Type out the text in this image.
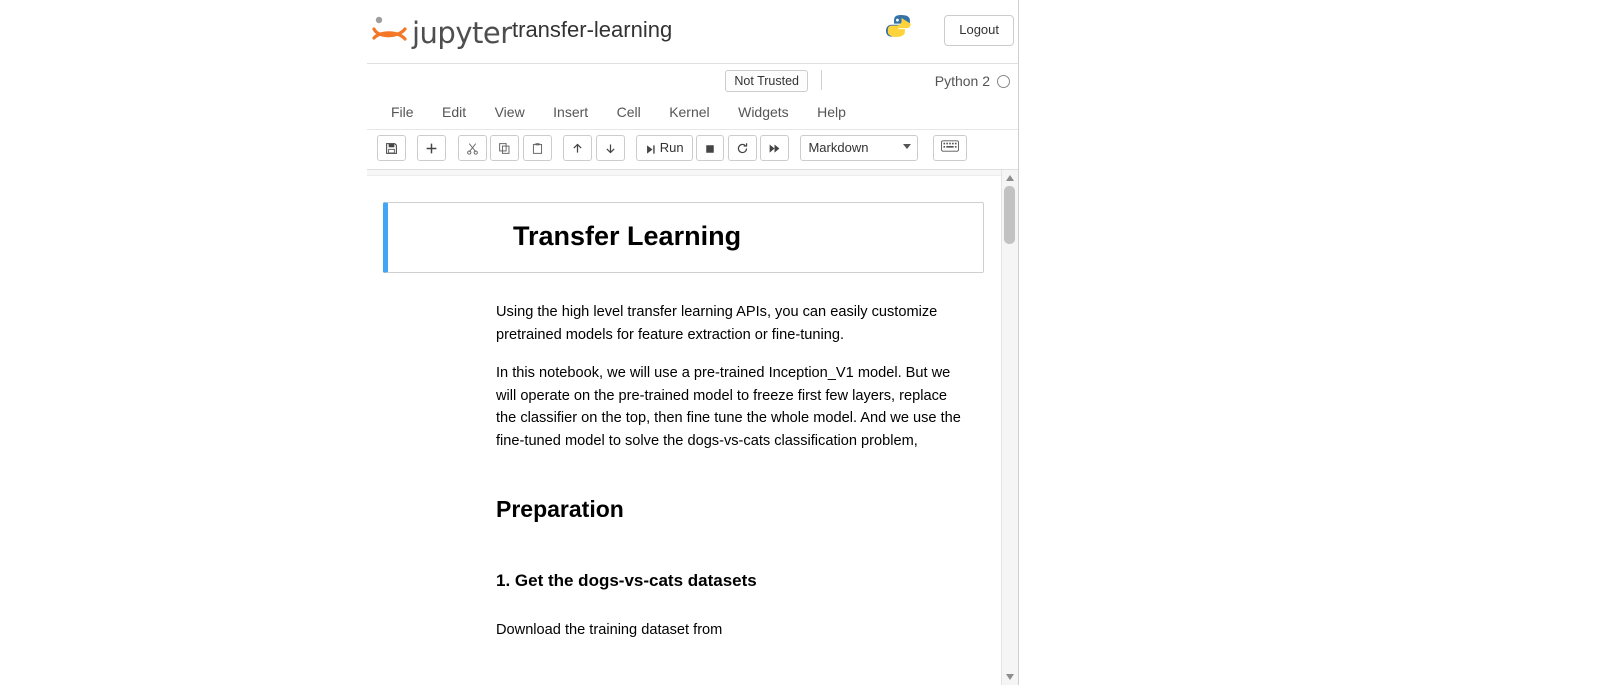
jupyter transfer-learning	Logout
Not Trusted	Python 2
File Edit View Insert Cell Kernel Widgets Help
Run	Markdown

Transfer Learning

Using the high level transfer learning APIs, you can easily customize pretrained models for feature extraction or fine-tuning.

In this notebook, we will use a pre-trained Inception_V1 model. But we will operate on the pre-trained model to freeze first few layers, replace the classifier on the top, then fine tune the whole model. And we use the fine-tuned model to solve the dogs-vs-cats classification problem,

Preparation
1. Get the dogs-vs-cats datasets

Download the training dataset from
